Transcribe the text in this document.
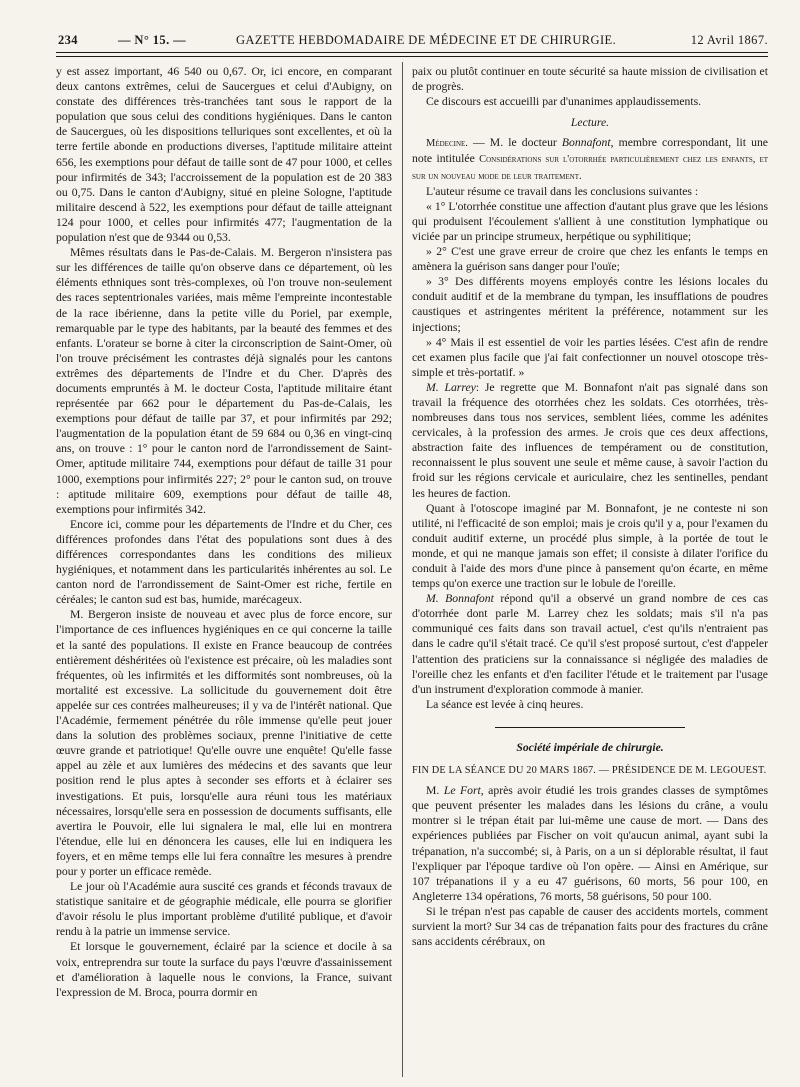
234	— N° 15. —	GAZETTE HEBDOMADAIRE DE MÉDECINE ET DE CHIRURGIE.	12 Avril 1867.

y est assez important, 46 540 ou 0,67. Or, ici encore, en comparant deux cantons extrêmes, celui de Saucergues et celui d'Aubigny, on constate des différences très-tranchées tant sous le rapport de la population que sous celui des conditions hygiéniques. Dans le canton de Saucergues, où les dispositions telluriques sont excellentes, et où la terre fertile abonde en productions diverses, l'aptitude militaire atteint 656, les exemptions pour défaut de taille sont de 47 pour 1000, et celles pour infirmités de 343; l'accroissement de la population est de 20 383 ou 0,75. Dans le canton d'Aubigny, situé en pleine Sologne, l'aptitude militaire descend à 522, les exemptions pour défaut de taille atteignant 124 pour 1000, et celles pour infirmités 477; l'augmentation de la population n'est que de 9344 ou 0,53.

Mêmes résultats dans le Pas-de-Calais. M. Bergeron n'insistera pas sur les différences de taille qu'on observe dans ce département, où les éléments ethniques sont très-complexes, où l'on trouve non-seulement des races septentrionales variées, mais même l'empreinte incontestable de la race ibérienne, dans la petite ville du Poriel, par exemple, remarquable par le type des habitants, par la beauté des femmes et des enfants. L'orateur se borne à citer la circonscription de Saint-Omer, où l'on trouve précisément les contrastes déjà signalés pour les cantons extrêmes des départements de l'Indre et du Cher. D'après des documents empruntés à M. le docteur Costa, l'aptitude militaire étant représentée par 662 pour le département du Pas-de-Calais, les exemptions pour défaut de taille par 37, et pour infirmités par 292; l'augmentation de la population étant de 59 684 ou 0,36 en vingt-cinq ans, on trouve : 1° pour le canton nord de l'arrondissement de Saint-Omer, aptitude militaire 744, exemptions pour défaut de taille 31 pour 1000, exemptions pour infirmités 227; 2° pour le canton sud, on trouve : aptitude militaire 609, exemptions pour défaut de taille 48, exemptions pour infirmités 342.

Encore ici, comme pour les départements de l'Indre et du Cher, ces différences profondes dans l'état des populations sont dues à des différences correspondantes dans les conditions des milieux hygiéniques, et notamment dans les particularités inhérentes au sol. Le canton nord de l'arrondissement de Saint-Omer est riche, fertile en céréales; le canton sud est bas, humide, marécageux.

M. Bergeron insiste de nouveau et avec plus de force encore, sur l'importance de ces influences hygiéniques en ce qui concerne la taille et la santé des populations. Il existe en France beaucoup de contrées entièrement déshéritées où l'existence est précaire, où les maladies sont fréquentes, où les infirmités et les difformités sont nombreuses, où la mortalité est excessive. La sollicitude du gouvernement doit être appelée sur ces contrées malheureuses; il y va de l'intérêt national. Que l'Académie, fermement pénétrée du rôle immense qu'elle peut jouer dans la solution des problèmes sociaux, prenne l'initiative de cette œuvre grande et patriotique! Qu'elle ouvre une enquête! Qu'elle fasse appel au zèle et aux lumières des médecins et des savants que leur position rend le plus aptes à seconder ses efforts et à éclairer ses investigations. Et puis, lorsqu'elle aura réuni tous les matériaux nécessaires, lorsqu'elle sera en possession de documents suffisants, elle avertira le Pouvoir, elle lui signalera le mal, elle lui en montrera l'étendue, elle lui en dénoncera les causes, elle lui en indiquera les foyers, et en même temps elle lui fera connaître les mesures à prendre pour y porter un efficace remède.

Le jour où l'Académie aura suscité ces grands et féconds travaux de statistique sanitaire et de géographie médicale, elle pourra se glorifier d'avoir résolu le plus important problème d'utilité publique, et d'avoir rendu à la patrie un immense service.

Et lorsque le gouvernement, éclairé par la science et docile à sa voix, entreprendra sur toute la surface du pays l'œuvre d'assainissement et d'amélioration à laquelle nous le convions, la France, suivant l'expression de M. Broca, pourra dormir en

paix ou plutôt continuer en toute sécurité sa haute mission de civilisation et de progrès.

Ce discours est accueilli par d'unanimes applaudissements.

Lecture.

Médecine. — M. le docteur Bonnafont, membre correspondant, lit une note intitulée Considérations sur l'otorrhée particulièrement chez les enfants, et sur un nouveau mode de leur traitement.

L'auteur résume ce travail dans les conclusions suivantes :

« 1° L'otorrhée constitue une affection d'autant plus grave que les lésions qui produisent l'écoulement s'allient à une constitution lymphatique ou viciée par un principe strumeux, herpétique ou syphilitique;

» 2° C'est une grave erreur de croire que chez les enfants le temps en amènera la guérison sans danger pour l'ouïe;

» 3° Des différents moyens employés contre les lésions locales du conduit auditif et de la membrane du tympan, les insufflations de poudres caustiques et astringentes méritent la préférence, notamment sur les injections;

» 4° Mais il est essentiel de voir les parties lésées. C'est afin de rendre cet examen plus facile que j'ai fait confectionner un nouvel otoscope très-simple et très-portatif. »

M. Larrey: Je regrette que M. Bonnafont n'ait pas signalé dans son travail la fréquence des otorrhées chez les soldats. Ces otorrhées, très-nombreuses dans tous nos services, semblent liées, comme les adénites cervicales, à la profession des armes. Je crois que ces deux affections, abstraction faite des influences de tempérament ou de constitution, reconnaissent le plus souvent une seule et même cause, à savoir l'action du froid sur les régions cervicale et auriculaire, chez les sentinelles, pendant les heures de faction.

Quant à l'otoscope imaginé par M. Bonnafont, je ne conteste ni son utilité, ni l'efficacité de son emploi; mais je crois qu'il y a, pour l'examen du conduit auditif externe, un procédé plus simple, à la portée de tout le monde, et qui ne manque jamais son effet; il consiste à dilater l'orifice du conduit à l'aide des mors d'une pince à pansement qu'on écarte, en même temps qu'on exerce une traction sur le lobule de l'oreille.

M. Bonnafont répond qu'il a observé un grand nombre de ces cas d'otorrhée dont parle M. Larrey chez les soldats; mais s'il n'a pas communiqué ces faits dans son travail actuel, c'est qu'ils n'entraient pas dans le cadre qu'il s'était tracé. Ce qu'il s'est proposé surtout, c'est d'appeler l'attention des praticiens sur la connaissance si négligée des maladies de l'oreille chez les enfants et d'en faciliter l'étude et le traitement par l'usage d'un instrument d'exploration commode à manier.

La séance est levée à cinq heures.

Société impériale de chirurgie.

FIN DE LA SÉANCE DU 20 MARS 1867. — PRÉSIDENCE DE M. LEGOUEST.

M. Le Fort, après avoir étudié les trois grandes classes de symptômes que peuvent présenter les malades dans les lésions du crâne, a voulu montrer si le trépan était par lui-même une cause de mort. — Dans des expériences publiées par Fischer on voit qu'aucun animal, ayant subi la trépanation, n'a succombé; si, à Paris, on a un si déplorable résultat, il faut l'expliquer par l'époque tardive où l'on opère. — Ainsi en Amérique, sur 107 trépanations il y a eu 47 guérisons, 60 morts, 56 pour 100, en Angleterre 134 opérations, 76 morts, 58 guérisons, 50 pour 100.

Si le trépan n'est pas capable de causer des accidents mortels, comment survient la mort? Sur 34 cas de trépanation faits pour des fractures du crâne sans accidents cérébraux, on
